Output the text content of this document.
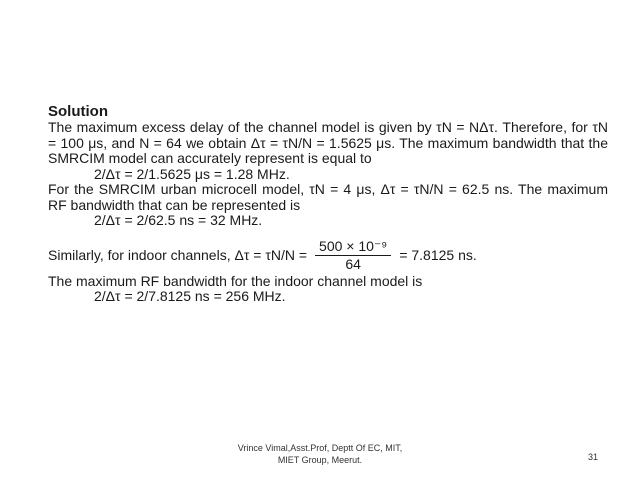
Solution

The maximum excess delay of the channel model is given by τN = NΔτ. Therefore, for τN = 100 μs, and N = 64 we obtain Δτ = τN/N = 1.5625 μs. The maximum bandwidth that the SMRCIM model can accurately represent is equal to

2/Δτ = 2/1.5625 μs = 1.28 MHz.

For the SMRCIM urban microcell model, τN = 4 μs, Δτ = τN/N = 62.5 ns. The maximum RF bandwidth that can be represented is

2/Δτ = 2/62.5 ns = 32 MHz.

Similarly, for indoor channels, $\Delta\tau = \tau N/N = \frac{\text{500 × 10⁻⁹}}{64} = 7.8125$ ns.

The maximum RF bandwidth for the indoor channel model is

2/Δτ = 2/7.8125 ns = 256 MHz.

Vrince Vimal,Asst.Prof, Deptt Of EC, MIT,
MIET Group, Meerut.	31
